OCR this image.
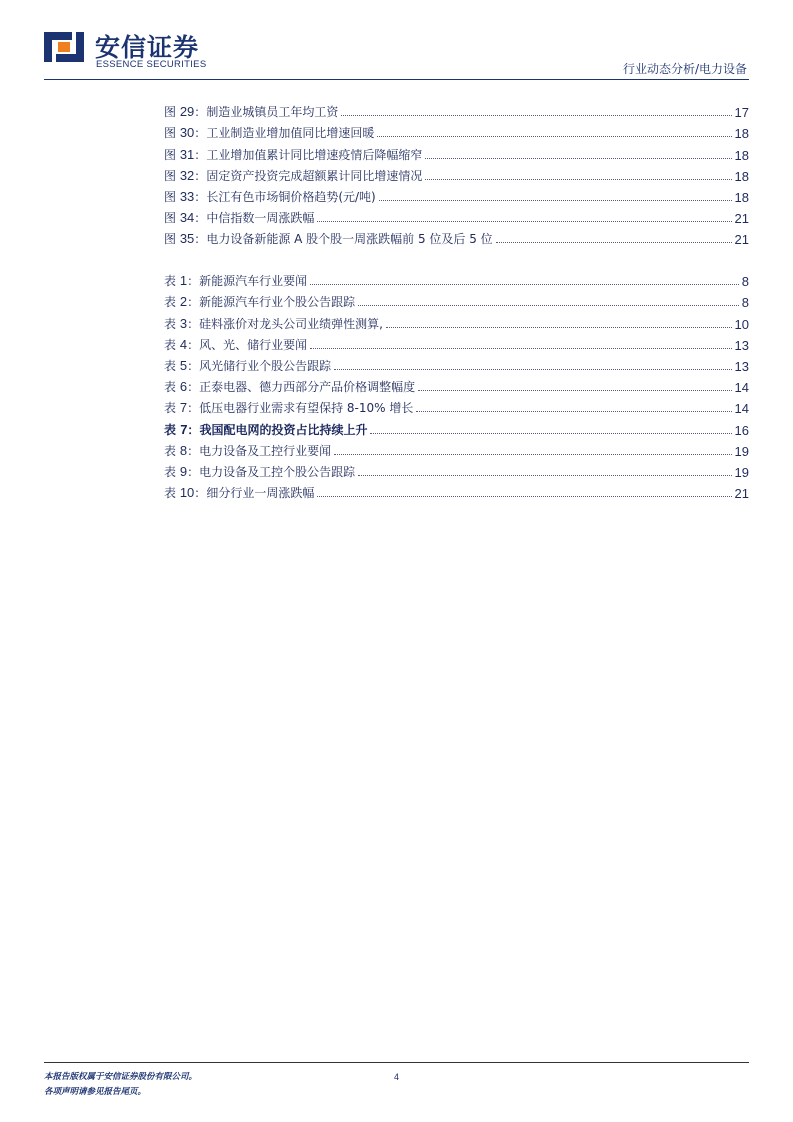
安信证券
ESSENCE SECURITIES	行业动态分析/电力设备
图 29：制造业城镇员工年均工资	17
图 30：工业制造业增加值同比增速回暖	18
图 31：工业增加值累计同比增速疫情后降幅缩窄	18
图 32：固定资产投资完成超额累计同比增速情况	18
图 33：长江有色市场铜价格趋势(元/吨)	18
图 34：中信指数一周涨跌幅	21
图 35：电力设备新能源 A 股个股一周涨跌幅前 5 位及后 5 位	21
表 1：新能源汽车行业要闻	8
表 2：新能源汽车行业个股公告跟踪	8
表 3：硅料涨价对龙头公司业绩弹性测算,	10
表 4：风、光、储行业要闻	13
表 5：风光储行业个股公告跟踪	13
表 6：正泰电器、德力西部分产品价格调整幅度	14
表 7：低压电器行业需求有望保持 8-10% 增长	14
表 7：我国配电网的投资占比持续上升	16
表 8：电力设备及工控行业要闻	19
表 9：电力设备及工控个股公告跟踪	19
表 10：细分行业一周涨跌幅	21
本报告版权属于安信证券股份有限公司。
各项声明请参见报告尾页。
4
